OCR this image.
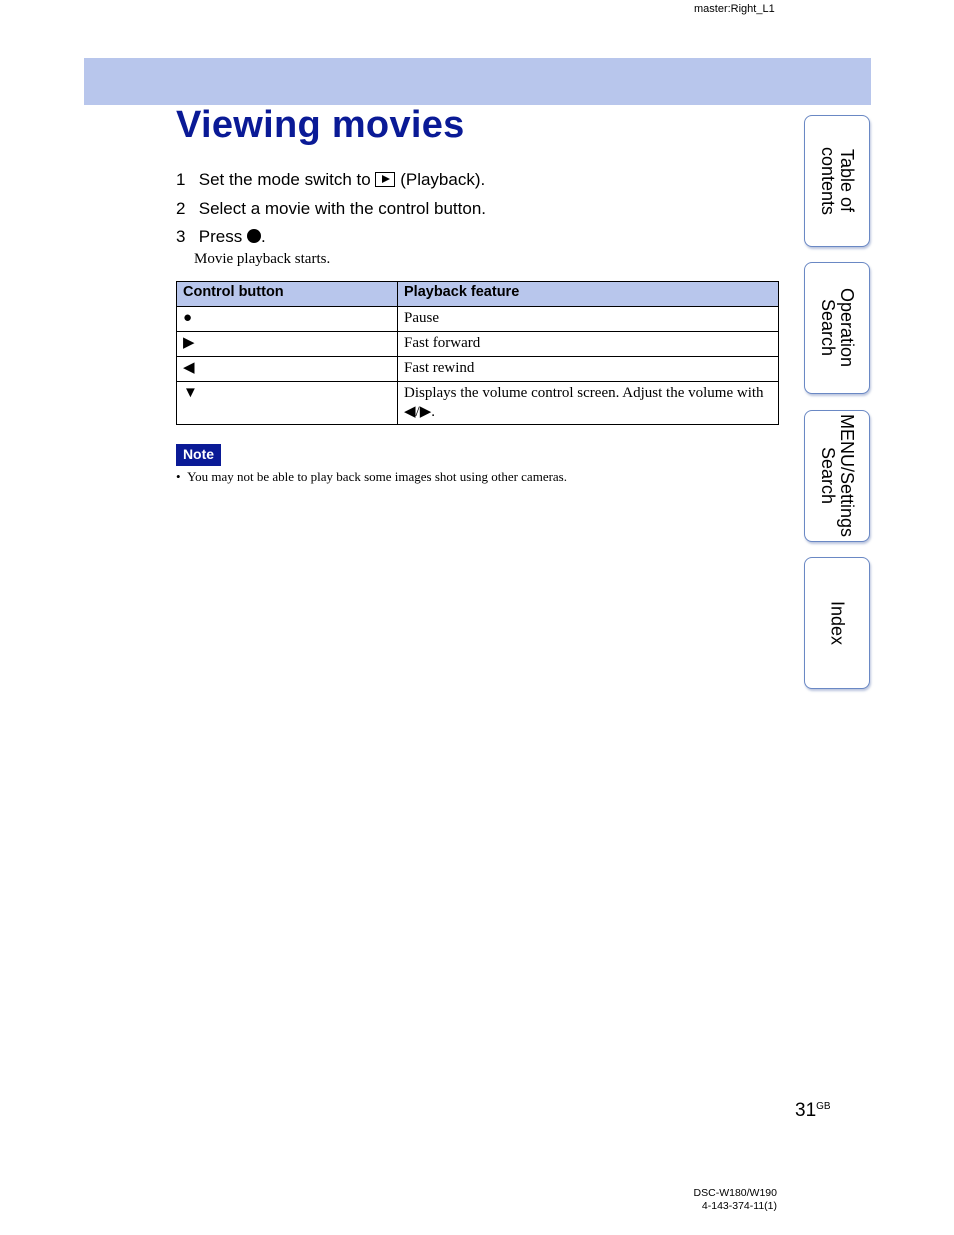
master:Right_L1
Viewing movies
1 Set the mode switch to (Playback).
2 Select a movie with the control button.
3 Press .
Movie playback starts.
Control button	Playback feature
●	Pause
▶	Fast forward
◀	Fast rewind
▼	Displays the volume control screen. Adjust the volume with ◀/▶.
Note
• You may not be able to play back some images shot using other cameras.
Table of
contents
Operation
Search
MENU/Settings
Search
Index
$31^{GB}$
DSC-W180/W190
4-143-374-11(1)
